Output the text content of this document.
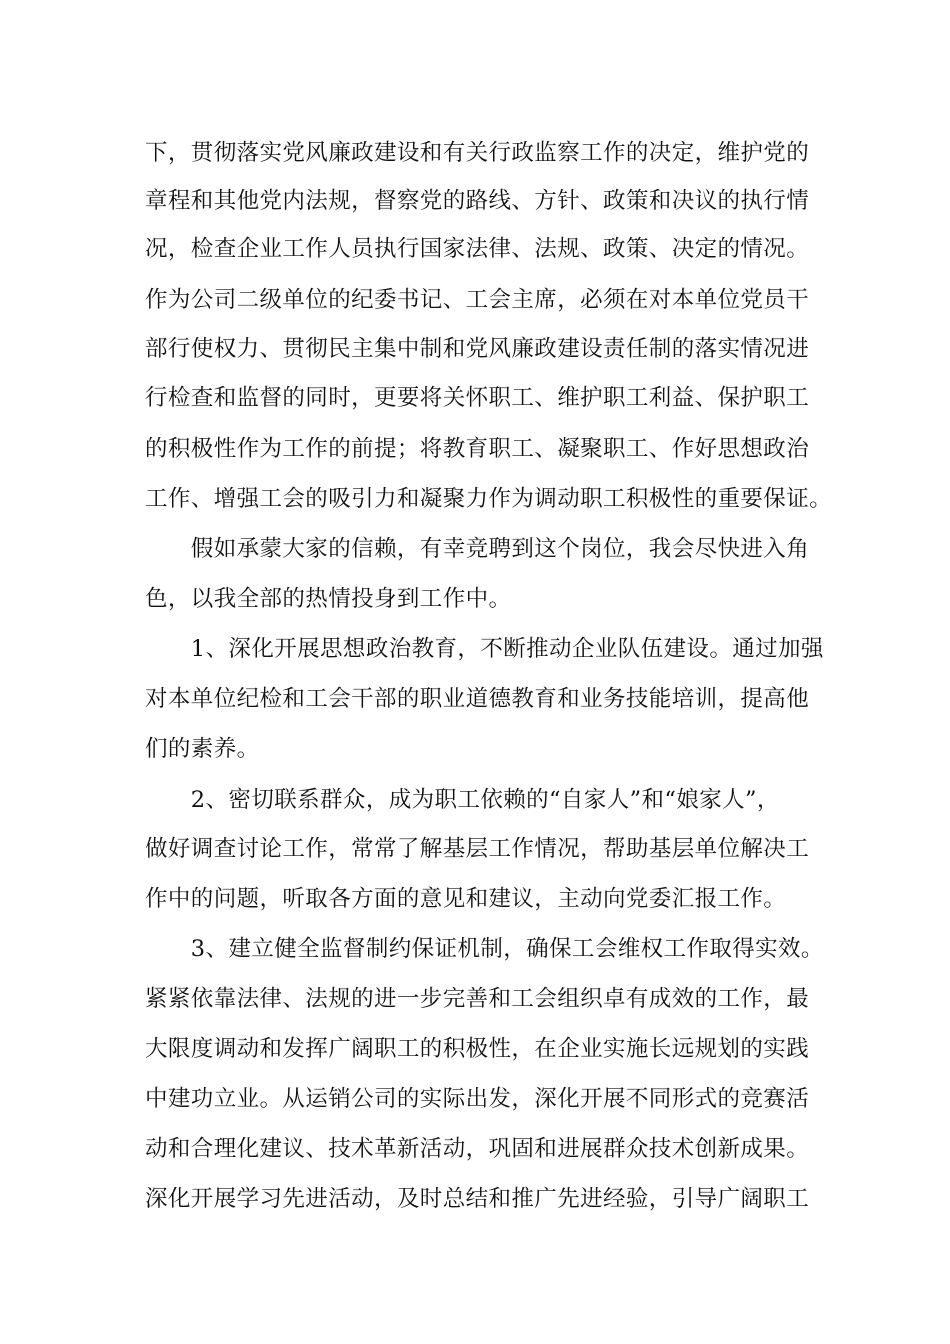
下，贯彻落实党风廉政建设和有关行政监察工作的决定，维护党的
章程和其他党内法规，督察党的路线、方针、政策和决议的执行情
况，检查企业工作人员执行国家法律、法规、政策、决定的情况。
作为公司二级单位的纪委书记、工会主席，必须在对本单位党员干
部行使权力、贯彻民主集中制和党风廉政建设责任制的落实情况进
行检查和监督的同时，更要将关怀职工、维护职工利益、保护职工
的积极性作为工作的前提；将教育职工、凝聚职工、作好思想政治
工作、增强工会的吸引力和凝聚力作为调动职工积极性的重要保证。
　　假如承蒙大家的信赖，有幸竞聘到这个岗位，我会尽快进入角
色，以我全部的热情投身到工作中。
　　1、深化开展思想政治教育，不断推动企业队伍建设。通过加强
对本单位纪检和工会干部的职业道德教育和业务技能培训，提高他
们的素养。
　　2、密切联系群众，成为职工依赖的“自家人”和“娘家人”，
做好调查讨论工作，常常了解基层工作情况，帮助基层单位解决工
作中的问题，听取各方面的意见和建议，主动向党委汇报工作。
　　3、建立健全监督制约保证机制，确保工会维权工作取得实效。
紧紧依靠法律、法规的进一步完善和工会组织卓有成效的工作，最
大限度调动和发挥广阔职工的积极性，在企业实施长远规划的实践
中建功立业。从运销公司的实际出发，深化开展不同形式的竞赛活
动和合理化建议、技术革新活动，巩固和进展群众技术创新成果。
深化开展学习先进活动，及时总结和推广先进经验，引导广阔职工
